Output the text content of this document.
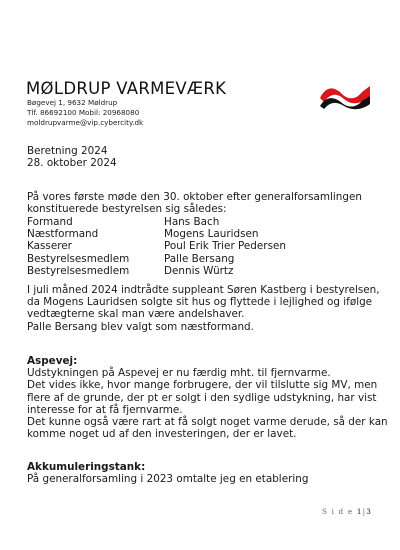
MØLDRUP VARMEVÆRK
Bøgevej 1, 9632 Møldrup
Tlf. 86692100 Mobil: 20968080
moldrupvarme@vip.cybercity.dk
Beretning 2024
28. oktober 2024
På vores første møde den 30. oktober efter generalforsamlingen
konstituerede bestyrelsen sig således:
Formand	Hans Bach
Næstformand	Mogens Lauridsen
Kasserer	Poul Erik Trier Pedersen
Bestyrelsesmedlem	Palle Bersang
Bestyrelsesmedlem	Dennis Würtz
I juli måned 2024 indtrådte suppleant Søren Kastberg i bestyrelsen,
da Mogens Lauridsen solgte sit hus og flyttede i lejlighed og ifølge
vedtægterne skal man være andelshaver.
Palle Bersang blev valgt som næstformand.
Aspevej:
Udstykningen på Aspevej er nu færdig mht. til fjernvarme.
Det vides ikke, hvor mange forbrugere, der vil tilslutte sig MV, men
flere af de grunde, der pt er solgt i den sydlige udstykning, har vist
interesse for at få fjernvarme.
Det kunne også være rart at få solgt noget varme derude, så der kan
komme noget ud af den investeringen, der er lavet.
Akkumuleringstank:
På generalforsamling i 2023 omtalte jeg en etablering
S i d e 1|3
